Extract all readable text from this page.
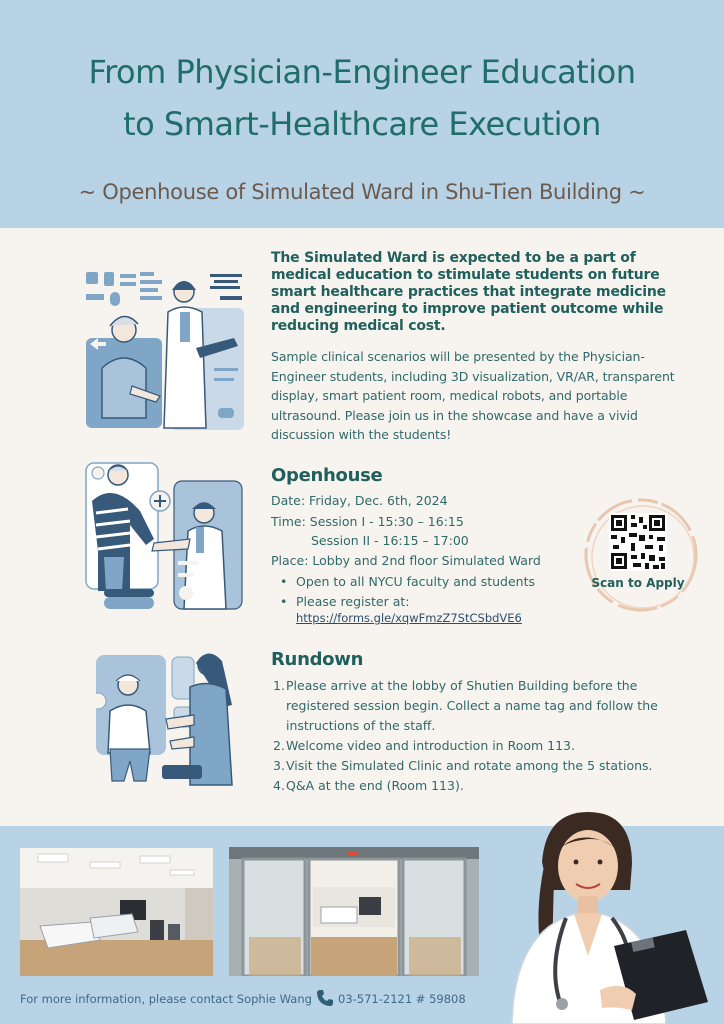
From Physician-Engineer Education
to Smart-Healthcare Execution
~ Openhouse of Simulated Ward in Shu-Tien Building ~
The Simulated Ward is expected to be a part of medical education to stimulate students on future smart healthcare practices that integrate medicine and engineering to improve patient outcome while reducing medical cost.
Sample clinical scenarios will be presented by the Physician-Engineer students, including 3D visualization, VR/AR, transparent display, smart patient room, medical robots, and portable ultrasound. Please join us in the showcase and have a vivid discussion with the students!
Openhouse
Date: Friday, Dec. 6th, 2024
Time: Session I - 15:30 – 16:15
Session II - 16:15 – 17:00
Place: Lobby and 2nd floor Simulated Ward
• Open to all NYCU faculty and students
• Please register at:
https://forms.gle/xqwFmzZ7StCSbdVE6
Scan to Apply
Rundown
1. Please arrive at the lobby of Shutien Building before the registered session begin. Collect a name tag and follow the instructions of the staff.
2. Welcome video and introduction in Room 113.
3. Visit the Simulated Clinic and rotate among the 5 stations.
4. Q&A at the end (Room 113).
For more information, please contact Sophie Wang 03-571-2121 # 59808
